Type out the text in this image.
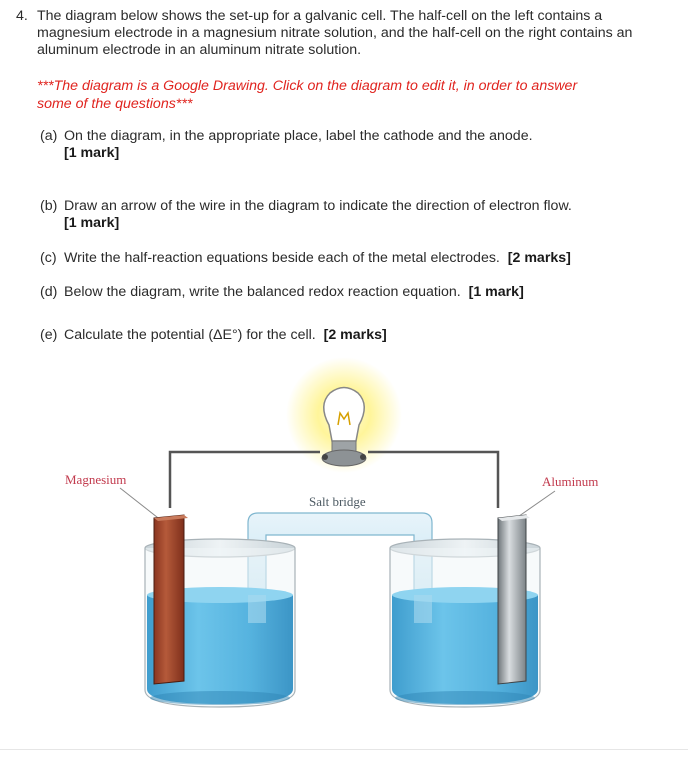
4. The diagram below shows the set-up for a galvanic cell. The half-cell on the left contains a magnesium electrode in a magnesium nitrate solution, and the half-cell on the right contains an aluminum electrode in an aluminum nitrate solution.
***The diagram is a Google Drawing. Click on the diagram to edit it, in order to answer some of the questions***
(a) On the diagram, in the appropriate place, label the cathode and the anode.
[1 mark]
(b) Draw an arrow of the wire in the diagram to indicate the direction of electron flow.
[1 mark]
(c) Write the half-reaction equations beside each of the metal electrodes. [2 marks]
(d) Below the diagram, write the balanced redox reaction equation. [1 mark]
(e) Calculate the potential (ΔE°) for the cell. [2 marks]
Magnesium	Aluminum
Salt bridge
